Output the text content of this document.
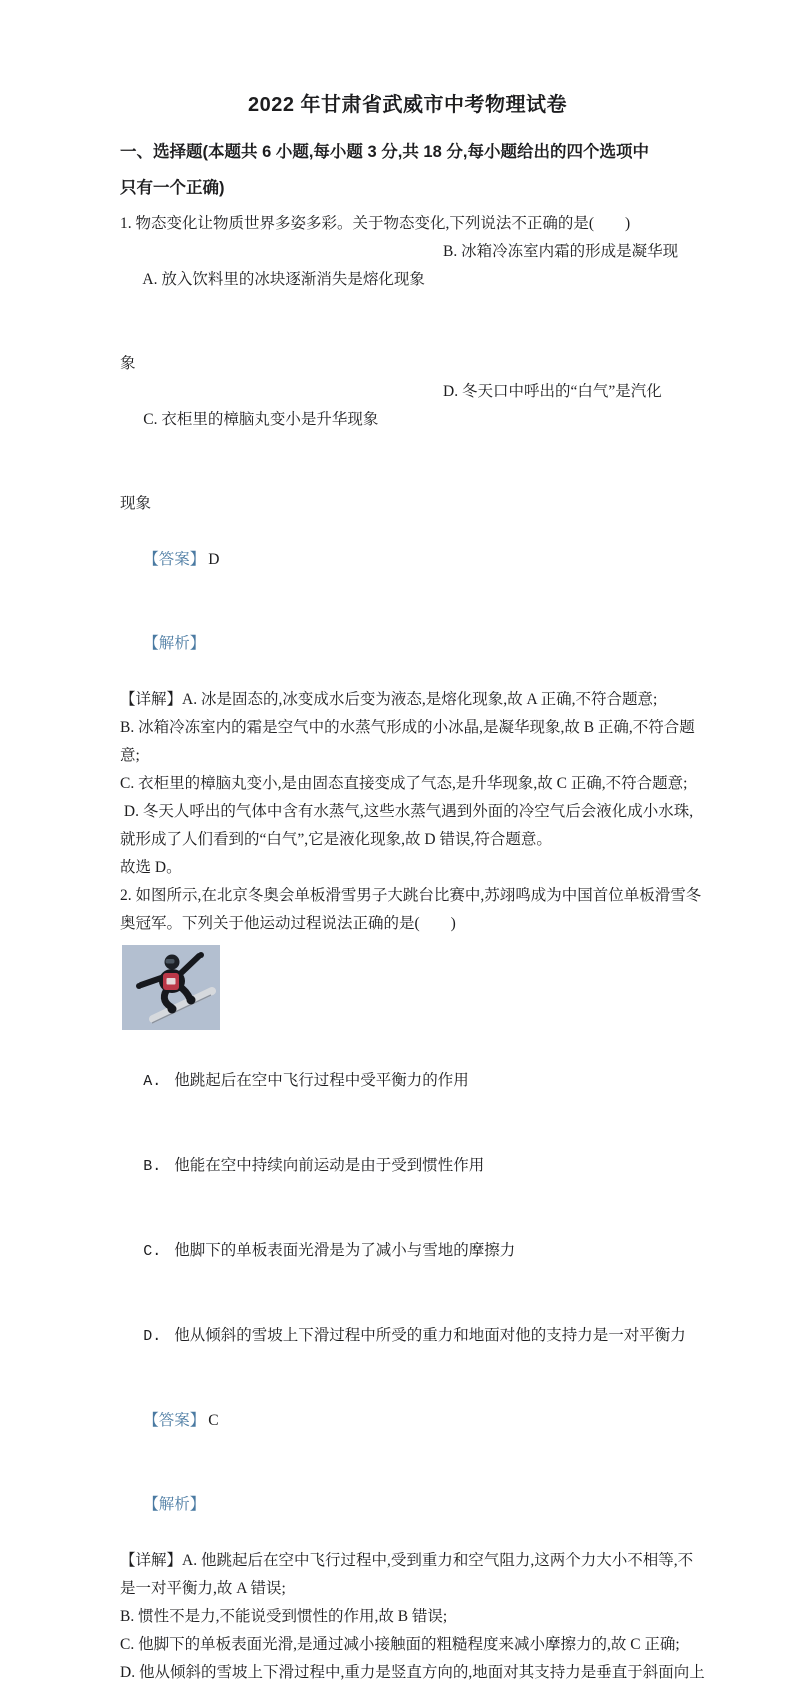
2022 年甘肃省武威市中考物理试卷
一、选择题(本题共 6 小题,每小题 3 分,共 18 分,每小题给出的四个选项中
只有一个正确)
1. 物态变化让物质世界多姿多彩。关于物态变化,下列说法不正确的是(　　)

A. 放入饮料里的冰块逐渐消失是熔化现象

B. 冰箱冷冻室内霜的形成是凝华现

象

C. 衣柜里的樟脑丸变小是升华现象

D. 冬天口中呼出的“白气”是汽化

现象

【答案】 D

【解析】

【详解】A. 冰是固态的,冰变成水后变为液态,是熔化现象,故 A 正确,不符合题意;
B. 冰箱冷冻室内的霜是空气中的水蒸气形成的小冰晶,是凝华现象,故 B 正确,不符合题
意;
C. 衣柜里的樟脑丸变小,是由固态直接变成了气态,是升华现象,故 C 正确,不符合题意;
D. 冬天人呼出的气体中含有水蒸气,这些水蒸气遇到外面的冷空气后会液化成小水珠,
就形成了人们看到的“白气”,它是液化现象,故 D 错误,符合题意。
故选 D。
2. 如图所示,在北京冬奥会单板滑雪男子大跳台比赛中,苏翊鸣成为中国首位单板滑雪冬
奥冠军。下列关于他运动过程说法正确的是(　　)

A. 他跳起后在空中飞行过程中受平衡力的作用

B. 他能在空中持续向前运动是由于受到惯性作用

C. 他脚下的单板表面光滑是为了减小与雪地的摩擦力

D. 他从倾斜的雪坡上下滑过程中所受的重力和地面对他的支持力是一对平衡力

【答案】 C

【解析】

【详解】A. 他跳起后在空中飞行过程中,受到重力和空气阻力,这两个力大小不相等,不
是一对平衡力,故 A 错误;
B. 惯性不是力,不能说受到惯性的作用,故 B 错误;
C. 他脚下的单板表面光滑,是通过减小接触面的粗糙程度来减小摩擦力的,故 C 正确;
D. 他从倾斜的雪坡上下滑过程中,重力是竖直方向的,地面对其支持力是垂直于斜面向上
